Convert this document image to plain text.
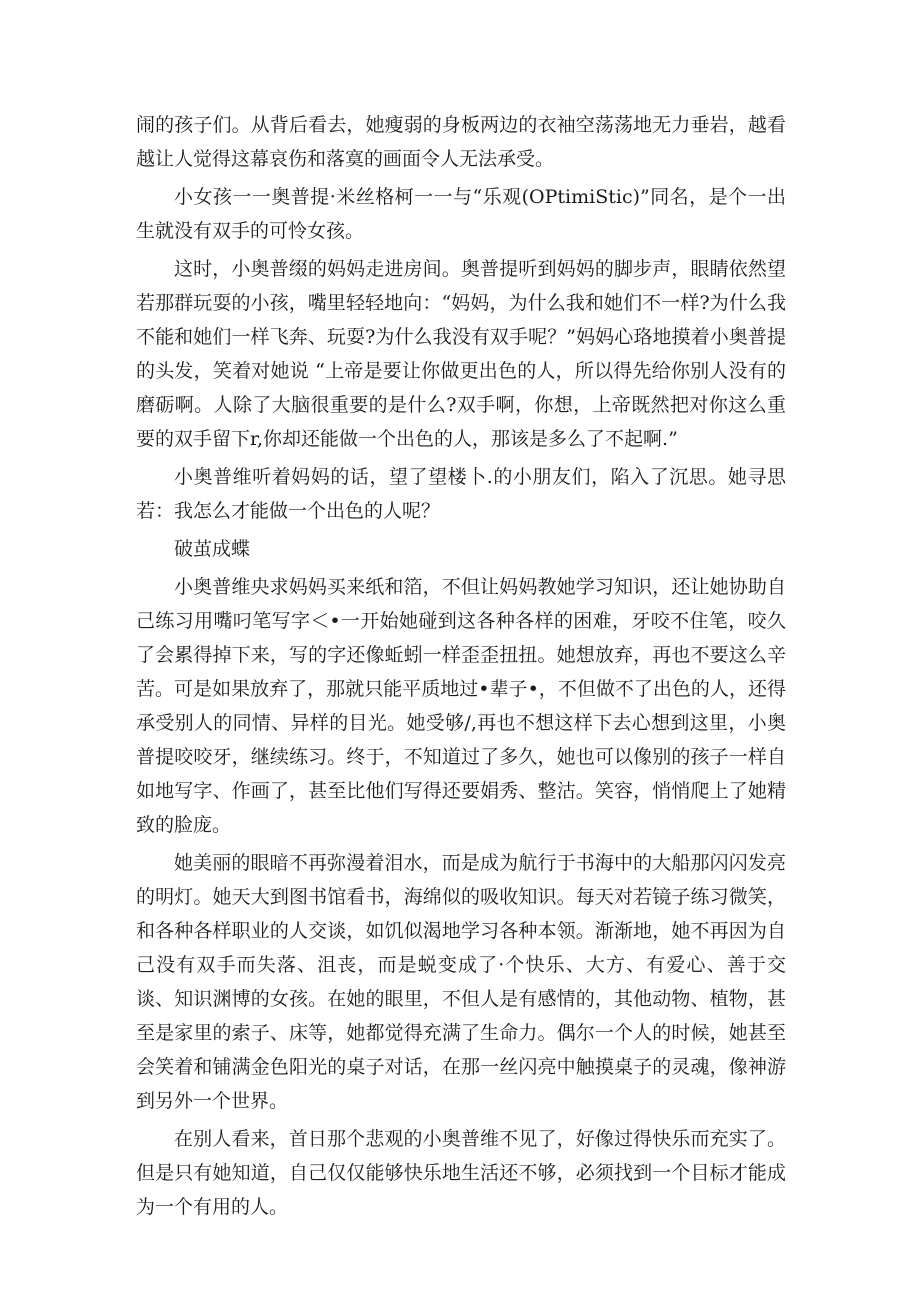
闹的孩子们。从背后看去，她瘦弱的身板两边的衣袖空荡荡地无力垂岩，越看越让人觉得这幕哀伤和落寞的画面令人无法承受。

小女孩一一奥普提·米丝格柯一一与“乐观(OPtimiStic)”同名，是个一出生就没有双手的可怜女孩。

这时，小奥普缀的妈妈走进房间。奥普提听到妈妈的脚步声，眼睛依然望若那群玩耍的小孩，嘴里轻轻地向：“妈妈，为什么我和她们不一样?为什么我不能和她们一样飞奔、玩耍?为什么我没有双手呢？”妈妈心珞地摸着小奥普提的头发，笑着对她说 “上帝是要让你做更出色的人，所以得先给你别人没有的磨砺啊。人除了大脑很重要的是什么?双手啊，你想，上帝既然把对你这么重要的双手留下r,你却还能做一个出色的人，那该是多么了不起啊.”

小奥普维听着妈妈的话，望了望楼卜.的小朋友们，陷入了沉思。她寻思若：我怎么才能做一个出色的人呢？

破茧成蝶

小奥普维央求妈妈买来纸和箔，不但让妈妈教她学习知识，还让她协助自己练习用嘴叼笔写字＜•一开始她碰到这各种各样的困难，牙咬不住笔，咬久了会累得掉下来，写的字还像蚯蚓一样歪歪扭扭。她想放弃，再也不要这么辛苦。可是如果放弃了，那就只能平质地过•辈子•，不但做不了出色的人，还得承受别人的同情、异样的目光。她受够/,再也不想这样下去心想到这里，小奥普提咬咬牙，继续练习。终于，不知道过了多久，她也可以像别的孩子一样自如地写字、作画了，甚至比他们写得还要娟秀、整沽。笑容，悄悄爬上了她精致的脸庞。

她美丽的眼暗不再弥漫着泪水，而是成为航行于书海中的大船那闪闪发亮的明灯。她天大到图书馆看书，海绵似的吸收知识。每天对若镜子练习微笑，和各种各样职业的人交谈，如饥似渴地学习各种本领。渐渐地，她不再因为自己没有双手而失落、沮丧，而是蜕变成了·个快乐、大方、有爱心、善于交谈、知识渊博的女孩。在她的眼里，不但人是有感情的，其他动物、植物，甚至是家里的索子、床等，她都觉得充满了生命力。偶尔一个人的时候，她甚至会笑着和铺满金色阳光的桌子对话，在那一丝闪亮中触摸桌子的灵魂，像神游到另外一个世界。

在别人看来，首日那个悲观的小奥普维不见了，好像过得快乐而充实了。但是只有她知道，自己仅仅能够快乐地生活还不够，必须找到一个目标才能成为一个有用的人。
